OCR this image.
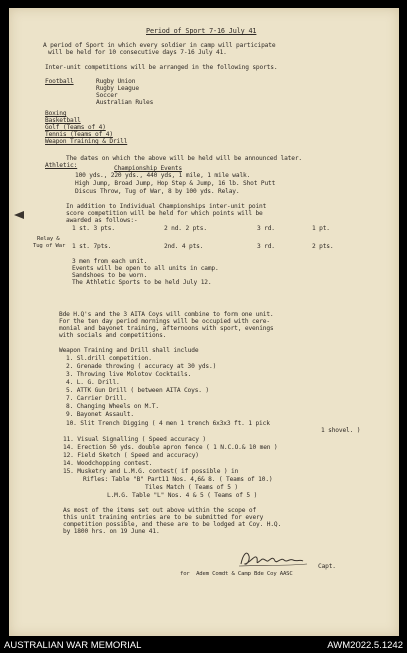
Period of Sport 7-16 July 41
A period of Sport in which every soldier in camp will participate
will be held for 10 consecutive days 7-16 July 41.
Inter-unit competitions will be arranged in the following sports.
Football	Rugby Union
Rugby League
Soccer
Australian Rules
Boxing
Basketball
Golf (Teams of 4)
Tennis (Teams of 4)
Weapon Training & Drill
The dates on which the above will be held will be announced later.
Athletic:	Championship Events
100 yds., 220 yds., 440 yds, 1 mile, 1 mile walk.
High Jump, Broad Jump, Hop Step & Jump, 16 lb. Shot Putt
Discus Throw, Tug of War, 8 by 100 yds. Relay.
In addition to Individual Championships inter-unit point
score competition will be held for which points will be
awarded as follows:-
1 st. 3 pts.	2 nd. 2 pts.	3 rd.	1 pt.
Relay &
Tug of War 1 st. 7pts.	2nd. 4 pts.	3 rd.	2 pts.
3 men from each unit.
Events will be open to all units in camp.
Sandshoes to be worn.
The Athletic Sports to be held July 12.
Bde H.Q's and the 3 AITA Coys will combine to form one unit.
For the ten day period mornings will be occupied with cere-
monial and bayonet training, afternoons with sport, evenings
with socials and competitions.
Weapon Training and Drill shall include
1. Sl.drill competition.
2. Grenade throwing ( accuracy at 30 yds.)
3. Throwing live Molotov Cocktails.
4. L. G. Drill.
5. ATTK Gun Drill ( between AITA Coys. )
7. Carrier Drill.
8. Changing Wheels on M.T.
9. Bayonet Assault.
10. Slit Trench Digging ( 4 men 1 trench 6x3x3 ft. 1 pick
1 shovel. )
11. Visual Signalling ( Speed accuracy )
14. Erection 50 yds. double apron fence ( 1 N.C.O.& 10 men )
12. Field Sketch ( Speed and accuracy)
14. Woodchopping contest.
15. Musketry and L.M.G. contest( if possible ) in
Rifles: Table "B" Part11 Nos. 4,6& 8. ( Teams of 10.)
Tiles Match ( Teams of 5 )
L.M.G. Table "L" Nos. 4 & 5 ( Teams of 5 )
As most of the items set out above within the scope of
this unit training entries are to be submitted for every
competition possible, and these are to be lodged at Coy. H.Q.
by 1800 hrs. on 19 June 41.
Capt.
for  Adem Comdt & Camp Bde Coy AASC
AUSTRALIAN WAR MEMORIAL	AWM2022.5.1242
